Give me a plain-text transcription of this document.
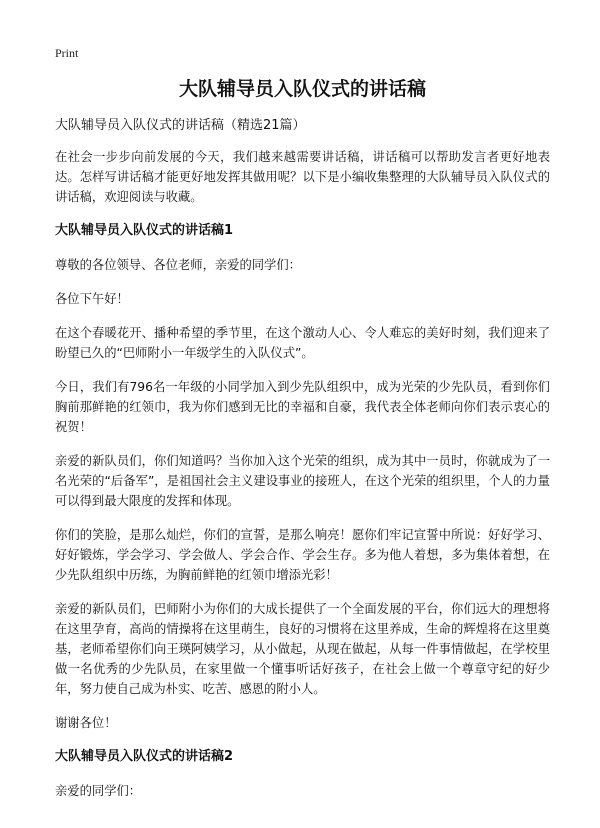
Print
大队辅导员入队仪式的讲话稿
大队辅导员入队仪式的讲话稿（精选21篇）

在社会一步步向前发展的今天，我们越来越需要讲话稿，讲话稿可以帮助发言者更好地表达。怎样写讲话稿才能更好地发挥其做用呢？以下是小编收集整理的大队辅导员入队仪式的讲话稿，欢迎阅读与收藏。

大队辅导员入队仪式的讲话稿1

尊敬的各位领导、各位老师，亲爱的同学们：

各位下午好！

在这个春暖花开、播种希望的季节里，在这个激动人心、令人难忘的美好时刻，我们迎来了盼望已久的“巴师附小一年级学生的入队仪式”。

今日，我们有796名一年级的小同学加入到少先队组织中，成为光荣的少先队员，看到你们胸前那鲜艳的红领巾，我为你们感到无比的幸福和自豪，我代表全体老师向你们表示衷心的祝贺！

亲爱的新队员们，你们知道吗？当你加入这个光荣的组织，成为其中一员时，你就成为了一名光荣的“后备军”，是祖国社会主义建设事业的接班人，在这个光荣的组织里，个人的力量可以得到最大限度的发挥和体现。

你们的笑脸，是那么灿烂，你们的宣誓，是那么响亮！愿你们牢记宣誓中所说：好好学习、好好锻炼，学会学习、学会做人、学会合作、学会生存。多为他人着想，多为集体着想，在少先队组织中历练，为胸前鲜艳的红领巾增添光彩！

亲爱的新队员们，巴师附小为你们的大成长提供了一个全面发展的平台，你们远大的理想将在这里孕育，高尚的情操将在这里萌生，良好的习惯将在这里养成，生命的辉煌将在这里奠基，老师希望你们向王瑛阿姨学习，从小做起，从现在做起，从每一件事情做起，在学校里做一名优秀的少先队员，在家里做一个懂事听话好孩子，在社会上做一个尊章守纪的好少年，努力使自己成为朴实、吃苦、感恩的附小人。

谢谢各位！

大队辅导员入队仪式的讲话稿2

亲爱的同学们：
